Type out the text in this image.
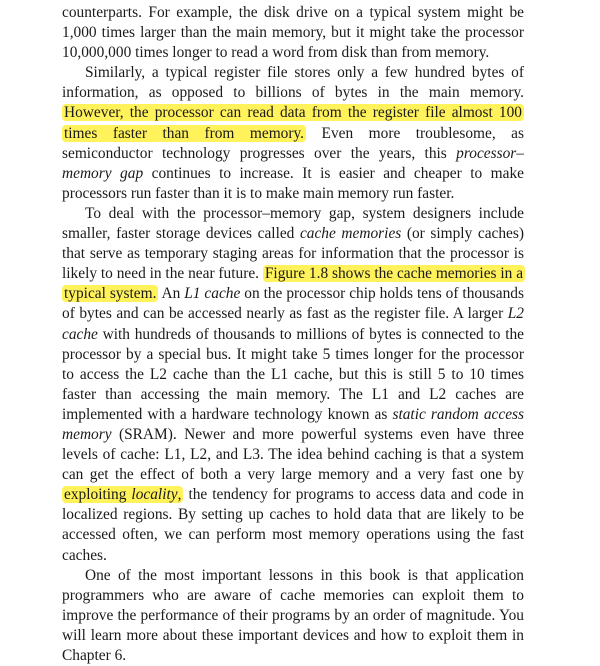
counterparts. For example, the disk drive on a typical system might be 1,000 times larger than the main memory, but it might take the processor 10,000,000 times longer to read a word from disk than from memory.

Similarly, a typical register file stores only a few hundred bytes of information, as opposed to billions of bytes in the main memory. However, the processor can read data from the register file almost 100 times faster than from memory. Even more troublesome, as semiconductor technology progresses over the years, this processor–memory gap continues to increase. It is easier and cheaper to make processors run faster than it is to make main memory run faster.

To deal with the processor–memory gap, system designers include smaller, faster storage devices called cache memories (or simply caches) that serve as temporary staging areas for information that the processor is likely to need in the near future. Figure 1.8 shows the cache memories in a typical system. An L1 cache on the processor chip holds tens of thousands of bytes and can be accessed nearly as fast as the register file. A larger L2 cache with hundreds of thousands to millions of bytes is connected to the processor by a special bus. It might take 5 times longer for the processor to access the L2 cache than the L1 cache, but this is still 5 to 10 times faster than accessing the main memory. The L1 and L2 caches are implemented with a hardware technology known as static random access memory (SRAM). Newer and more powerful systems even have three levels of cache: L1, L2, and L3. The idea behind caching is that a system can get the effect of both a very large memory and a very fast one by exploiting locality, the tendency for programs to access data and code in localized regions. By setting up caches to hold data that are likely to be accessed often, we can perform most memory operations using the fast caches.

One of the most important lessons in this book is that application programmers who are aware of cache memories can exploit them to improve the performance of their programs by an order of magnitude. You will learn more about these important devices and how to exploit them in Chapter 6.
